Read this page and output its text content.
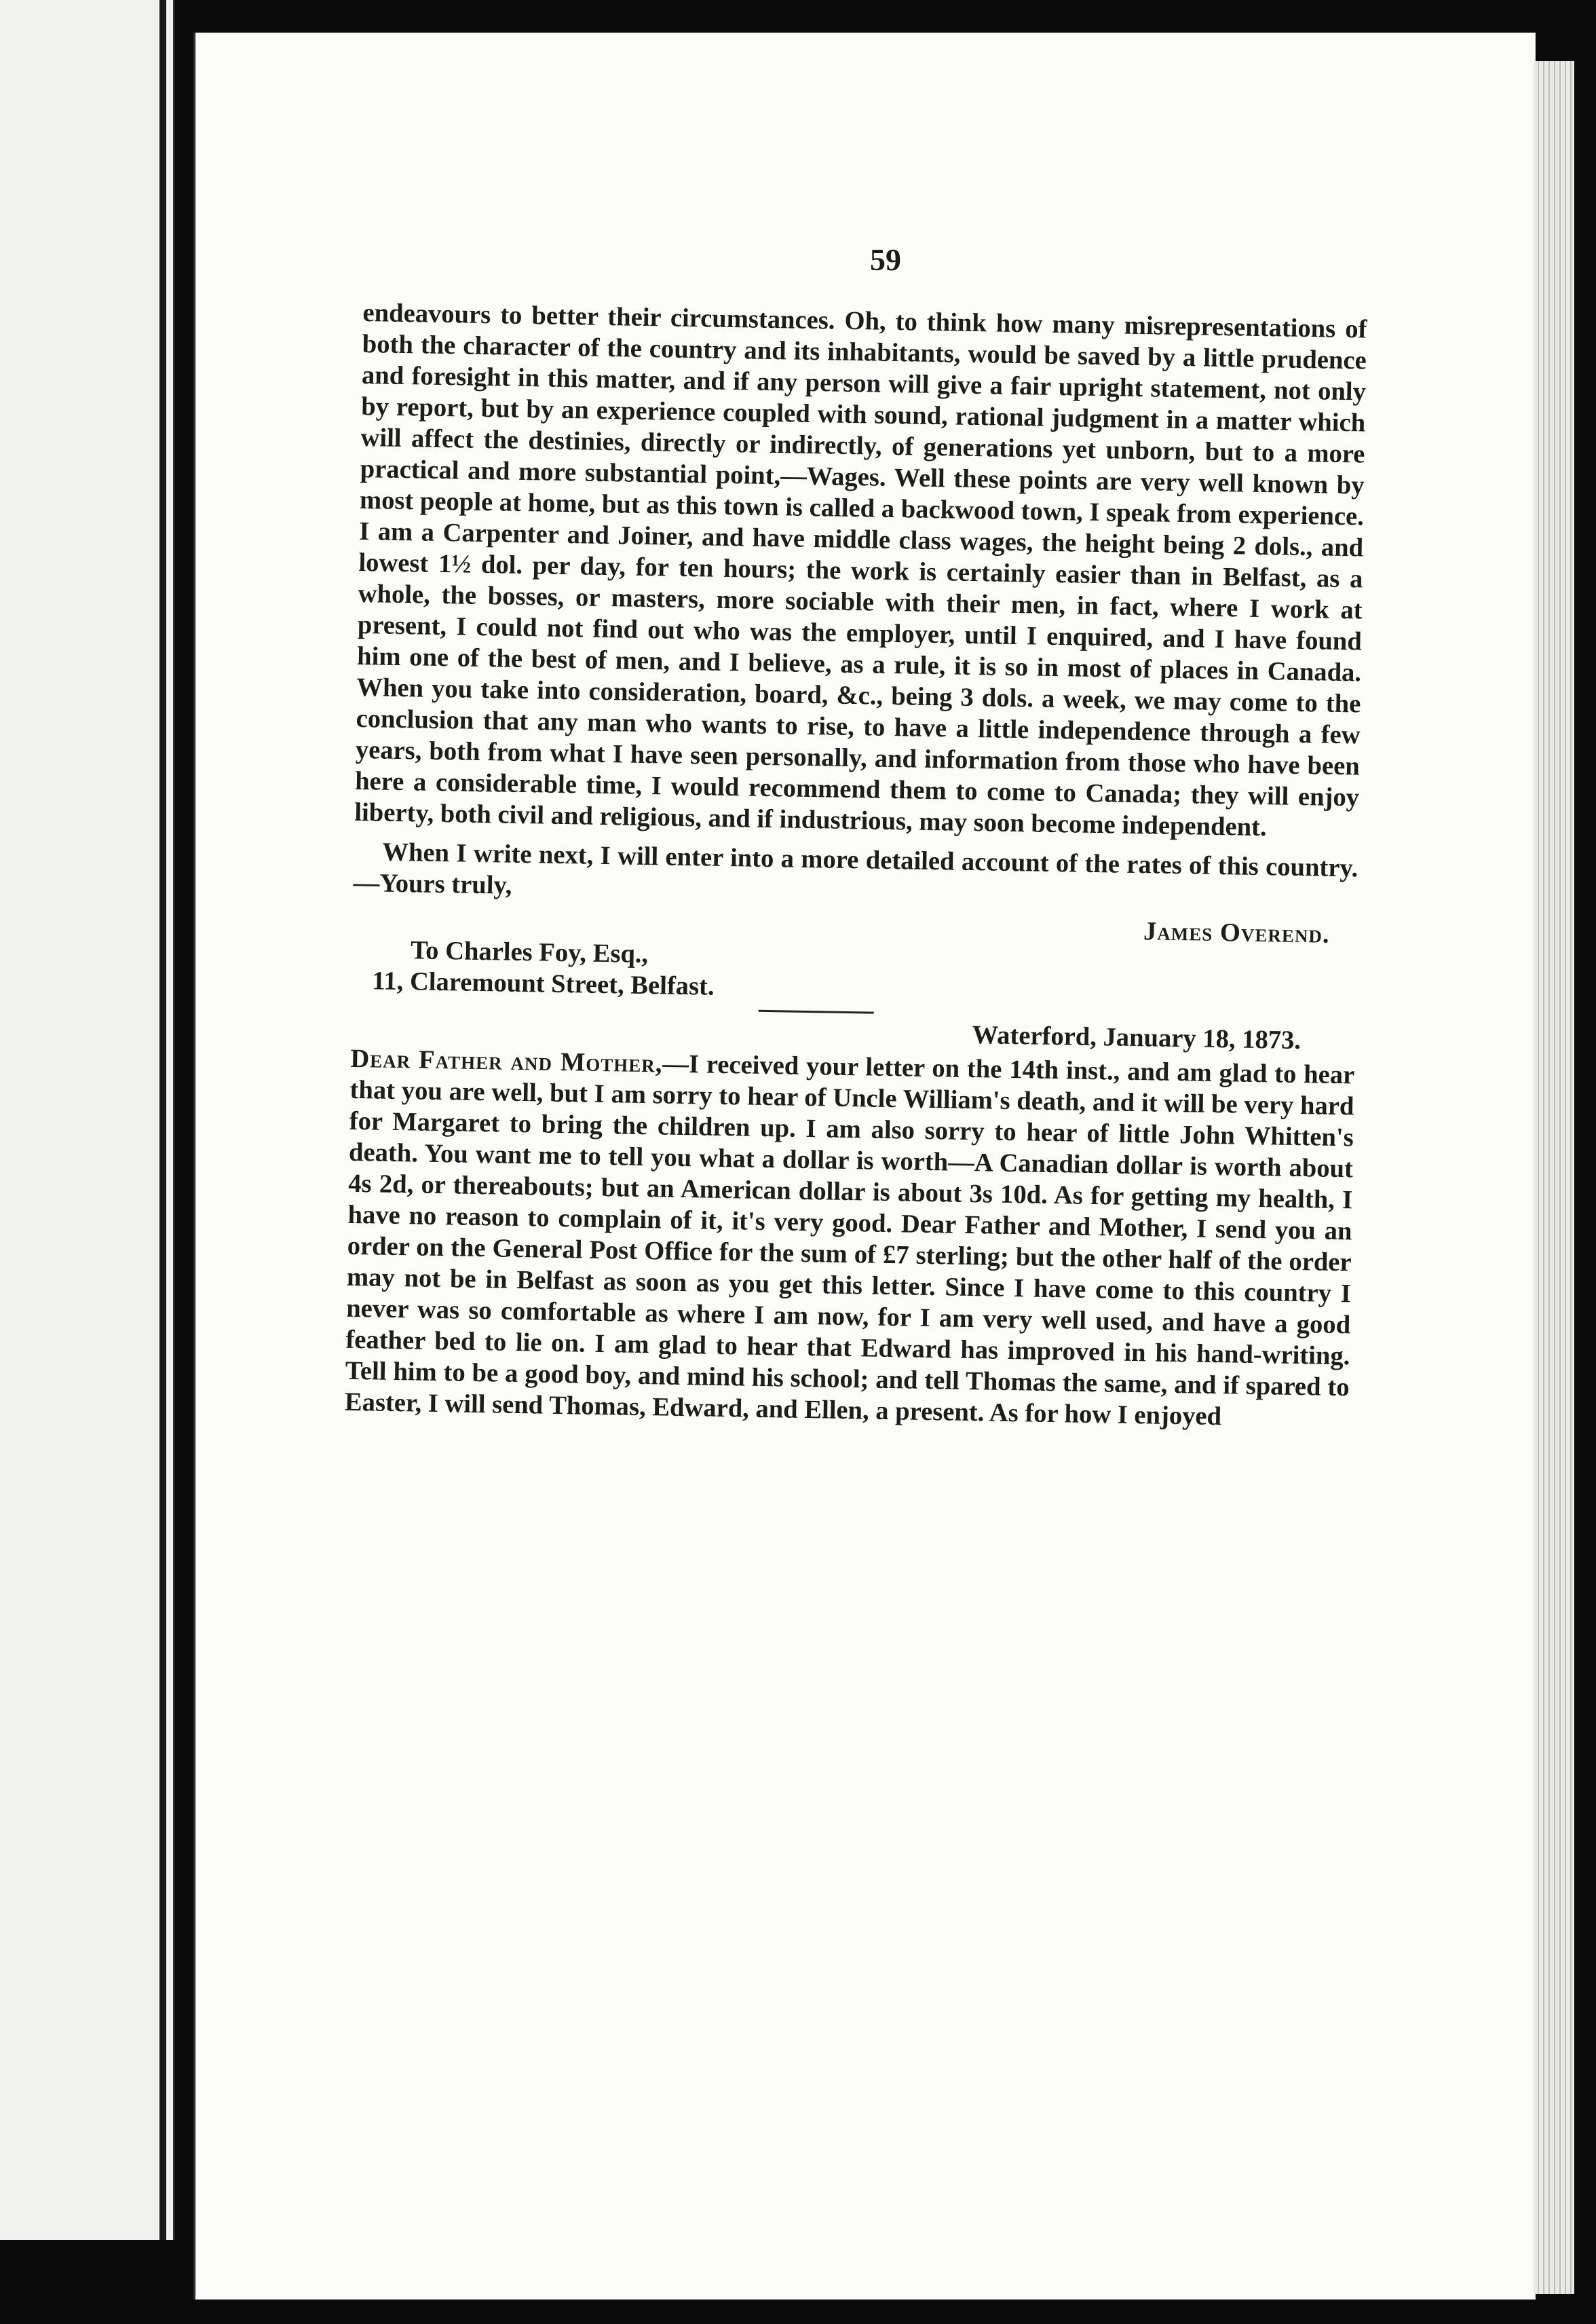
59

endeavours to better their circumstances. Oh, to think how many misrepresentations of both the character of the country and its inhabitants, would be saved by a little prudence and foresight in this matter, and if any person will give a fair upright statement, not only by report, but by an experience coupled with sound, rational judgment in a matter which will affect the destinies, directly or indirectly, of generations yet unborn, but to a more practical and more substantial point,—Wages. Well these points are very well known by most people at home, but as this town is called a backwood town, I speak from experience. I am a Carpenter and Joiner, and have middle class wages, the height being 2 dols., and lowest 1½ dol. per day, for ten hours; the work is certainly easier than in Belfast, as a whole, the bosses, or masters, more sociable with their men, in fact, where I work at present, I could not find out who was the employer, until I enquired, and I have found him one of the best of men, and I believe, as a rule, it is so in most of places in Canada. When you take into consideration, board, &c., being 3 dols. a week, we may come to the conclusion that any man who wants to rise, to have a little independence through a few years, both from what I have seen personally, and information from those who have been here a considerable time, I would recommend them to come to Canada; they will enjoy liberty, both civil and religious, and if industrious, may soon become independent.

When I write next, I will enter into a more detailed account of the rates of this country.—Yours truly,

James Overend.

To Charles Foy, Esq.,

11, Claremount Street, Belfast.

Waterford, January 18, 1873.

Dear Father and Mother,—I received your letter on the 14th inst., and am glad to hear that you are well, but I am sorry to hear of Uncle William's death, and it will be very hard for Margaret to bring the children up. I am also sorry to hear of little John Whitten's death. You want me to tell you what a dollar is worth—A Canadian dollar is worth about 4s 2d, or thereabouts; but an American dollar is about 3s 10d. As for getting my health, I have no reason to complain of it, it's very good. Dear Father and Mother, I send you an order on the General Post Office for the sum of £7 sterling; but the other half of the order may not be in Belfast as soon as you get this letter. Since I have come to this country I never was so comfortable as where I am now, for I am very well used, and have a good feather bed to lie on. I am glad to hear that Edward has improved in his hand-writing. Tell him to be a good boy, and mind his school; and tell Thomas the same, and if spared to Easter, I will send Thomas, Edward, and Ellen, a present. As for how I enjoyed
